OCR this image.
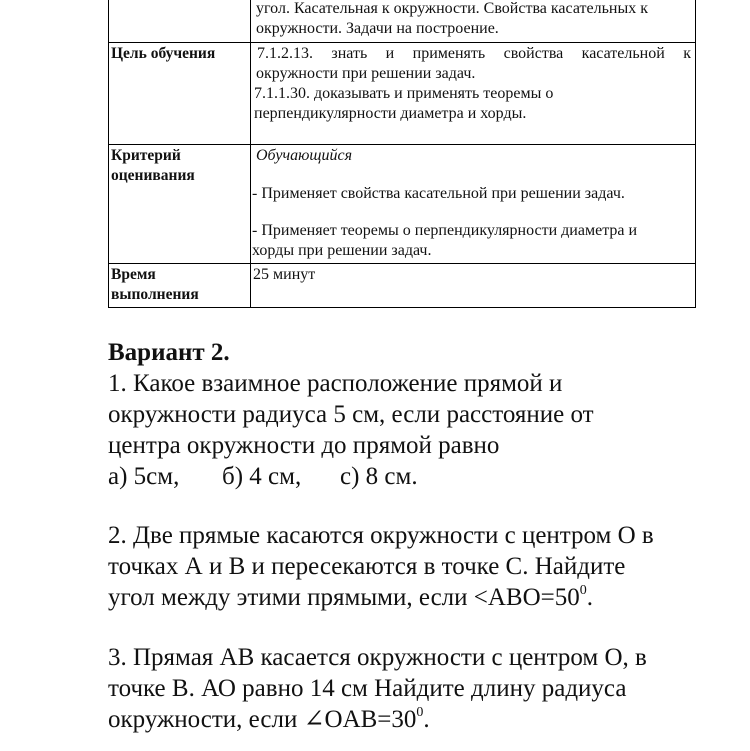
угол. Касательная к окружности. Свойства касательных к
окружности. Задачи на построение.
Цель обучения	7.1.2.13. знать и применять свойства касательной к
окружности при решении задач.
7.1.1.30. доказывать и применять теоремы о
перпендикулярности диаметра и хорды.
Критерий
оценивания
Обучающийся
- Применяет свойства касательной при решении задач.
- Применяет теоремы о перпендикулярности диаметра и
хорды при решении задач.
Время
выполнения
25 минут
Вариант 2.
1. Какое взаимное расположение прямой и
окружности радиуса 5 см, если расстояние от
центра окружности до прямой равно
а) 5см, б) 4 см, с) 8 см.
2. Две прямые касаются окружности с центром О в
точках А и В и пересекаются в точке С. Найдите
угол между этими прямыми, если $<ABO=50^0$.
3. Прямая АВ касается окружности с центром О, в
точке В. АО равно 14 см Найдите длину радиуса
окружности, если $\angle OAB=30^0$.
